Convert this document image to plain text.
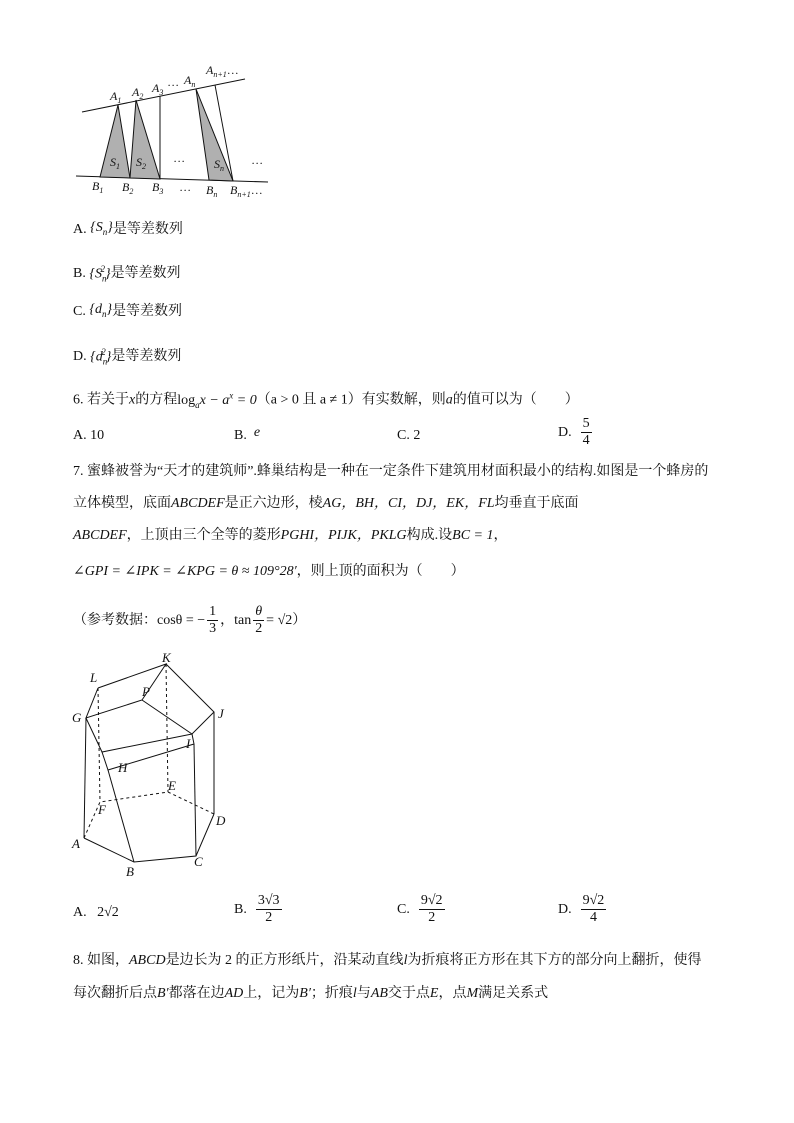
$A_1$
$A_2$
$A_3$
… $A_n$
$A_{n+1}\dots$
$S_1$ $S_2$
… $S_n$
…
$B_1$ $B_2$ $B_3$ … $B_n$ $B_{n+1}\dots$
A.
$\{S_n\}$ 是等差数列
B.
$\{S_n^2\}$ 是等差数列
C.
$\{d_n\}$ 是等差数列
D.
$\{d_n^2\}$ 是等差数列
6. 若关于x的方程$\log_ax - a^x = 0(a > 0$ 且 a ≠ 1）有实数解，则a的值可以为（　　）
A. 10	B. e	C. 2	D.
$\frac{5}{4}$
7. 蜜蜂被誉为“天才的建筑师”.蜂巢结构是一种在一定条件下建筑用材面积最小的结构.如图是一个蜂房的
立体模型，底面ABCDEF是正六边形，棱AG，BH，CI，DJ，EK，FL均垂直于底面
ABCDEF，上顶由三个全等的菱形PGHI，PIJK，PKLG构成.设BC = 1，
∠GPI = ∠IPK = ∠KPG = θ ≈ 109°28′，则上顶的面积为（　　）
（参考数据：cosθ = − $\frac{1}{3}$ ，$\tan \frac{\theta}{2} = √2$）
K
L
P
G	J
I
H
E
F
D
A
C
B
A.
2√2	B.
$\frac{3√3}{2}$	C.
$\frac{9√2}{2}$	D.
$\frac{9√2}{4}$
8. 如图，ABCD是边长为 2 的正方形纸片，沿某动直线l为折痕将正方形在其下方的部分向上翻折，使得
每次翻折后点B′都落在边AD上，记为B′；折痕l与AB交于点E，点M满足关系式
